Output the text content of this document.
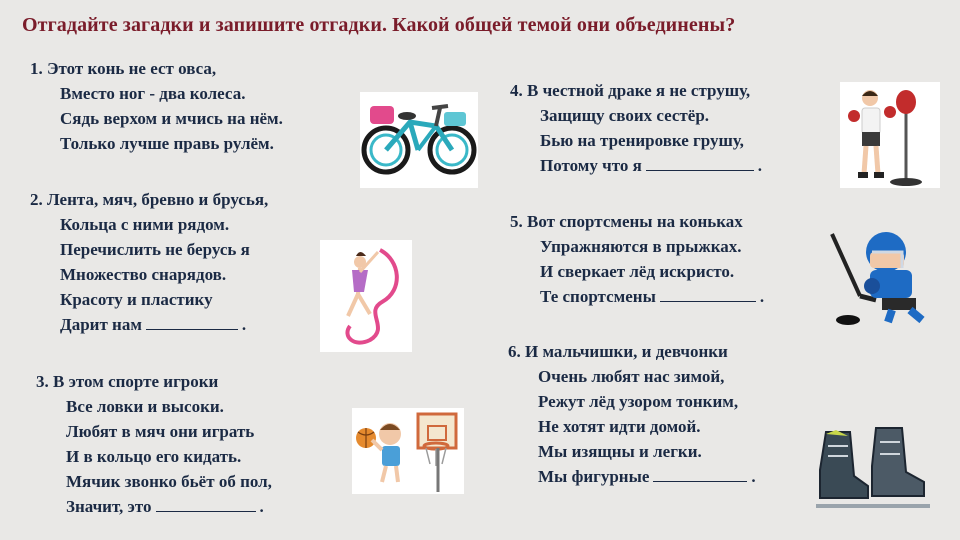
Отгадайте загадки и запишите отгадки. Какой общей темой они объединены?
1. Этот конь не ест овса,
Вместо ног - два колеса.
Сядь верхом и мчись на нём.
Только лучше правь рулём.
2. Лента, мяч, бревно и брусья,
Кольца с ними рядом.
Перечислить не берусь я
Множество снарядов.
Красоту и пластику
Дарит нам	.
3. В этом спорте игроки
Все ловки и высоки.
Любят в мяч они играть
И в кольцо его кидать.
Мячик звонко бьёт об пол,
Значит, это	.
4. В честной драке я не струшу,
Защищу своих сестёр.
Бью на тренировке грушу,
Потому что я	.
5. Вот спортсмены на коньках
Упражняются в прыжках.
И сверкает лёд искристо.
Те спортсмены	.
6. И мальчишки, и девчонки
Очень любят нас зимой,
Режут лёд узором тонким,
Не хотят идти домой.
Мы изящны и легки.
Мы фигурные	.
